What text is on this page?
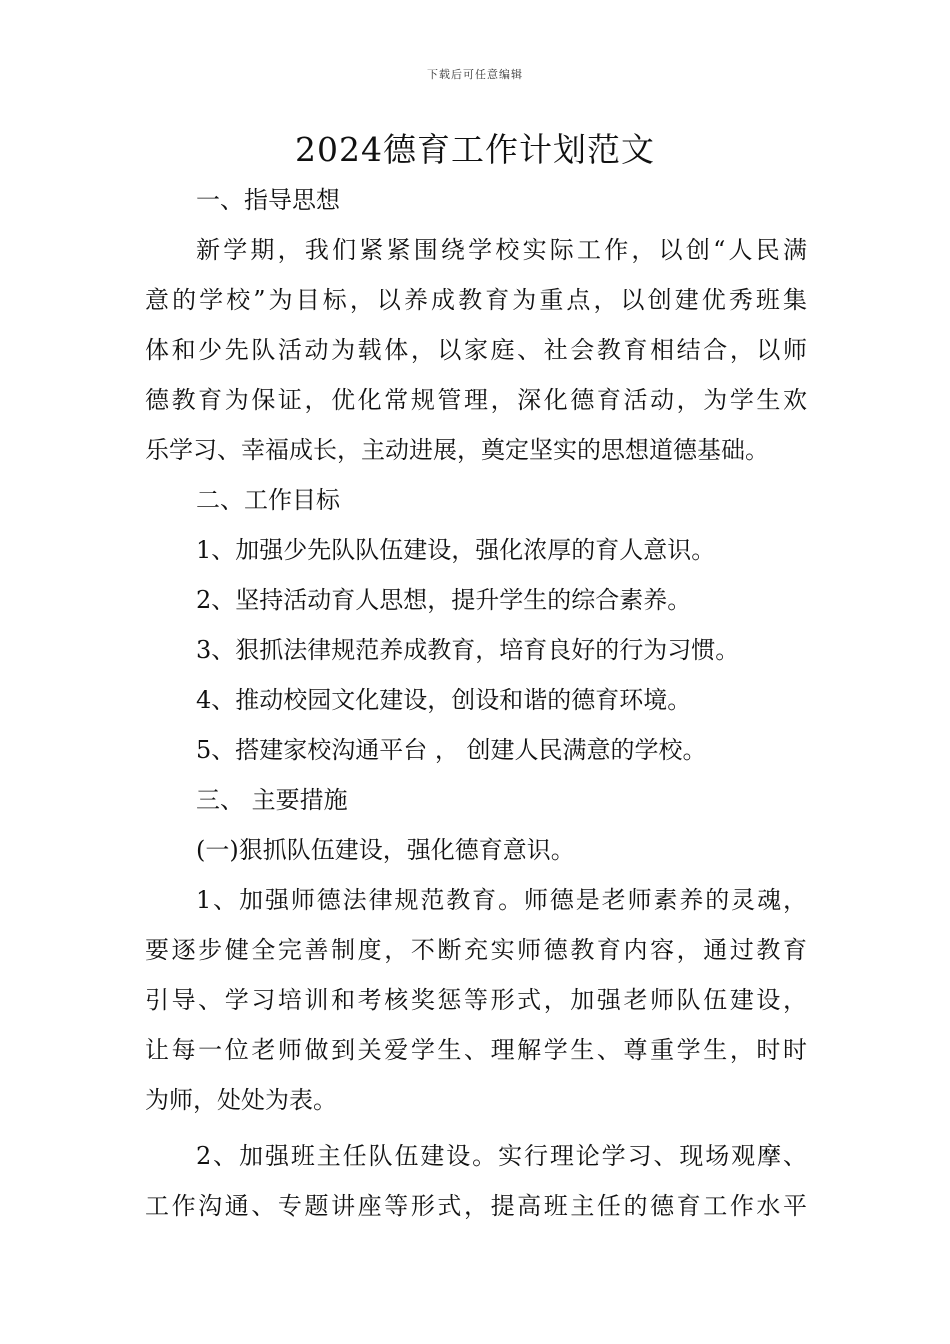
下载后可任意编辑
2024德育工作计划范文
一、指导思想
新学期，我们紧紧围绕学校实际工作，以创“人民满
意的学校”为目标，以养成教育为重点，以创建优秀班集
体和少先队活动为载体，以家庭、社会教育相结合，以师
德教育为保证，优化常规管理，深化德育活动，为学生欢
乐学习、幸福成长，主动进展，奠定坚实的思想道德基础。
二、工作目标
1、加强少先队队伍建设，强化浓厚的育人意识。
2、坚持活动育人思想，提升学生的综合素养。
3、狠抓法律规范养成教育，培育良好的行为习惯。
4、推动校园文化建设，创设和谐的德育环境。
5、搭建家校沟通平台 ， 创建人民满意的学校。
三、 主要措施
(一)狠抓队伍建设，强化德育意识。
1、加强师德法律规范教育。师德是老师素养的灵魂，
要逐步健全完善制度，不断充实师德教育内容，通过教育
引导、学习培训和考核奖惩等形式，加强老师队伍建设，
让每一位老师做到关爱学生、理解学生、尊重学生，时时
为师，处处为表。
2、加强班主任队伍建设。实行理论学习、现场观摩、
工作沟通、专题讲座等形式，提高班主任的德育工作水平
